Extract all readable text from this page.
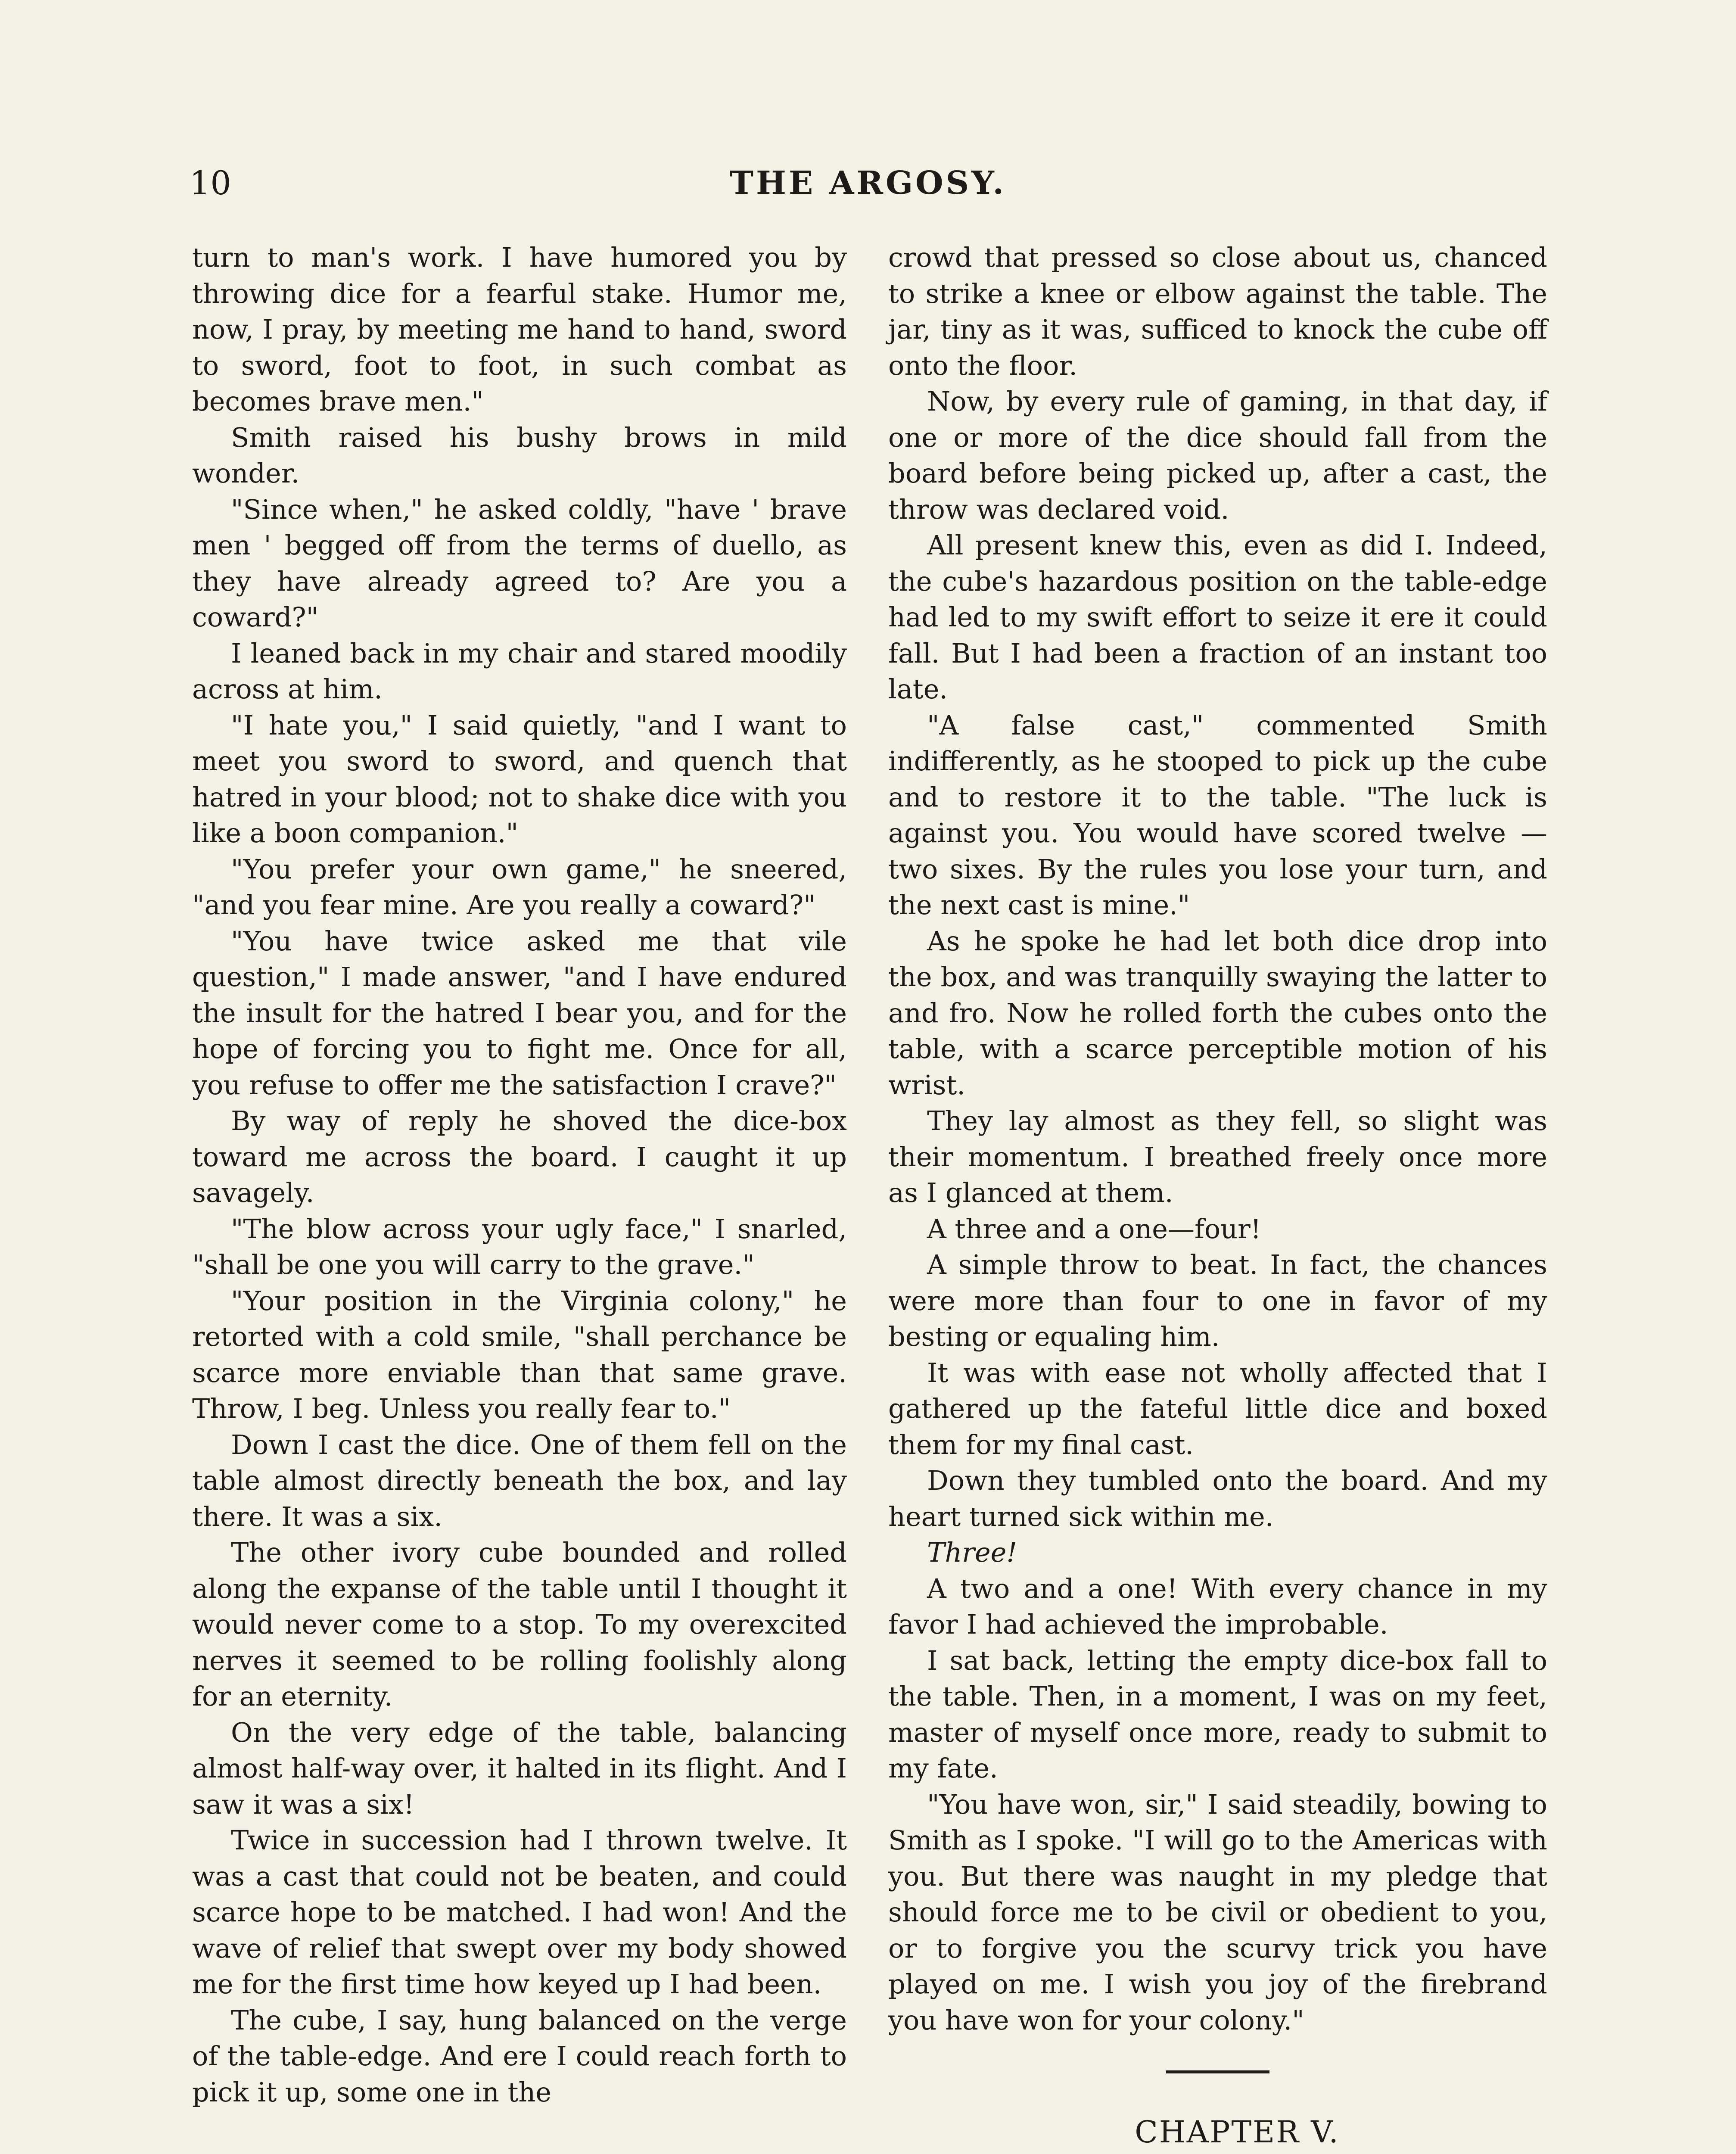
10	THE ARGOSY.

turn to man's work. I have humored you by throwing dice for a fearful stake. Humor me, now, I pray, by meeting me hand to hand, sword to sword, foot to foot, in such combat as becomes brave men."

Smith raised his bushy brows in mild wonder.

"Since when," he asked coldly, "have ' brave men ' begged off from the terms of duello, as they have already agreed to? Are you a coward?"

I leaned back in my chair and stared moodily across at him.

"I hate you," I said quietly, "and I want to meet you sword to sword, and quench that hatred in your blood; not to shake dice with you like a boon companion."

"You prefer your own game," he sneered, "and you fear mine. Are you really a coward?"

"You have twice asked me that vile question," I made answer, "and I have endured the insult for the hatred I bear you, and for the hope of forcing you to fight me. Once for all, you refuse to offer me the satisfaction I crave?"

By way of reply he shoved the dice-box toward me across the board. I caught it up savagely.

"The blow across your ugly face," I snarled, "shall be one you will carry to the grave."

"Your position in the Virginia colony," he retorted with a cold smile, "shall perchance be scarce more enviable than that same grave. Throw, I beg. Unless you really fear to."

Down I cast the dice. One of them fell on the table almost directly beneath the box, and lay there. It was a six.

The other ivory cube bounded and rolled along the expanse of the table until I thought it would never come to a stop. To my overexcited nerves it seemed to be rolling foolishly along for an eternity.

On the very edge of the table, balancing almost half-way over, it halted in its flight. And I saw it was a six!

Twice in succession had I thrown twelve. It was a cast that could not be beaten, and could scarce hope to be matched. I had won! And the wave of relief that swept over my body showed me for the first time how keyed up I had been.

The cube, I say, hung balanced on the verge of the table-edge. And ere I could reach forth to pick it up, some one in the

crowd that pressed so close about us, chanced to strike a knee or elbow against the table. The jar, tiny as it was, sufficed to knock the cube off onto the floor.

Now, by every rule of gaming, in that day, if one or more of the dice should fall from the board before being picked up, after a cast, the throw was declared void.

All present knew this, even as did I. Indeed, the cube's hazardous position on the table-edge had led to my swift effort to seize it ere it could fall. But I had been a fraction of an instant too late.

"A false cast," commented Smith indifferently, as he stooped to pick up the cube and to restore it to the table. "The luck is against you. You would have scored twelve —two sixes. By the rules you lose your turn, and the next cast is mine."

As he spoke he had let both dice drop into the box, and was tranquilly swaying the latter to and fro. Now he rolled forth the cubes onto the table, with a scarce perceptible motion of his wrist.

They lay almost as they fell, so slight was their momentum. I breathed freely once more as I glanced at them.

A three and a one—four!

A simple throw to beat. In fact, the chances were more than four to one in favor of my besting or equaling him.

It was with ease not wholly affected that I gathered up the fateful little dice and boxed them for my final cast.

Down they tumbled onto the board. And my heart turned sick within me.

Three!

A two and a one! With every chance in my favor I had achieved the improbable.

I sat back, letting the empty dice-box fall to the table. Then, in a moment, I was on my feet, master of myself once more, ready to submit to my fate.

"You have won, sir," I said steadily, bowing to Smith as I spoke. "I will go to the Americas with you. But there was naught in my pledge that should force me to be civil or obedient to you, or to forgive you the scurvy trick you have played on me. I wish you joy of the firebrand you have won for your colony."

CHAPTER V.
